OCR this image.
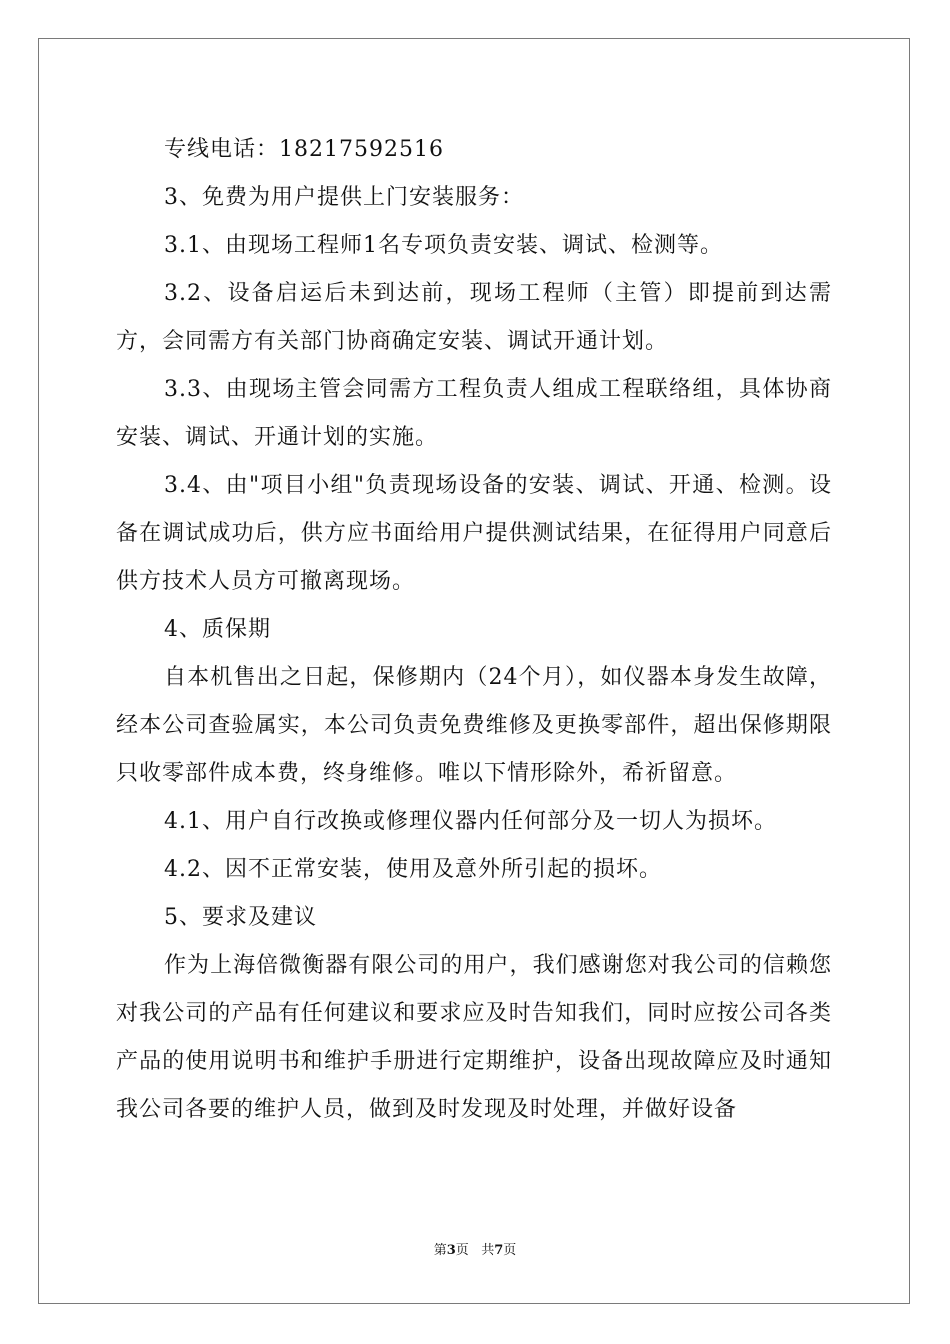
专线电话：18217592516

3、免费为用户提供上门安装服务：

3.1、由现场工程师1名专项负责安装、调试、检测等。

3.2、设备启运后未到达前，现场工程师（主管）即提前到达需方，会同需方有关部门协商确定安装、调试开通计划。

3.3、由现场主管会同需方工程负责人组成工程联络组，具体协商安装、调试、开通计划的实施。

3.4、由"项目小组"负责现场设备的安装、调试、开通、检测。设备在调试成功后，供方应书面给用户提供测试结果，在征得用户同意后供方技术人员方可撤离现场。

4、质保期

自本机售出之日起，保修期内（24个月），如仪器本身发生故障，经本公司查验属实，本公司负责免费维修及更换零部件，超出保修期限只收零部件成本费，终身维修。唯以下情形除外，希祈留意。

4.1、用户自行改换或修理仪器内任何部分及一切人为损坏。

4.2、因不正常安装，使用及意外所引起的损坏。

5、要求及建议

作为上海倍微衡器有限公司的用户，我们感谢您对我公司的信赖您对我公司的产品有任何建议和要求应及时告知我们，同时应按公司各类产品的使用说明书和维护手册进行定期维护，设备出现故障应及时通知我公司各要的维护人员，做到及时发现及时处理，并做好设备

第3页 共7页
